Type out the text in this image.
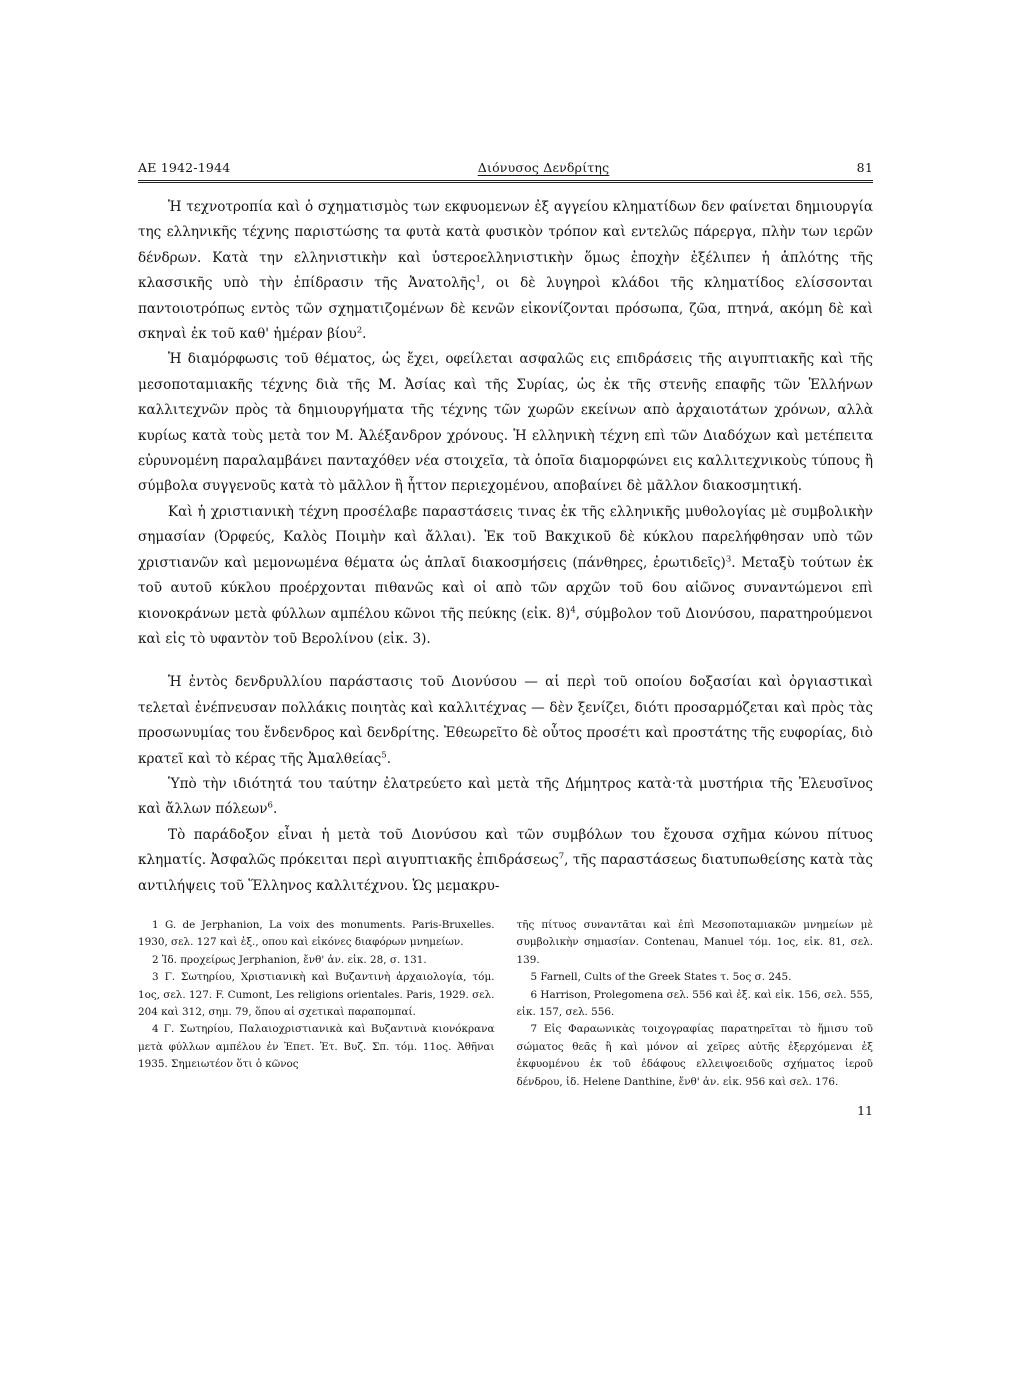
ΑΕ 1942-1944	Διόνυσος Δενδρίτης	81

Ἡ τεχνοτροπία καὶ ὁ σχηματισμὸς των εκφυομενων ἐξ αγγείου κληματίδων δεν φαίνεται δημιουργία της ελληνικῆς τέχνης παριστώσης τα φυτὰ κατὰ φυσικὸν τρόπον καὶ εντελῶς πάρεργα, πλὴν των ιερῶν δένδρων. Κατὰ την ελληνιστικὴν καὶ ὑστεροελληνιστικὴν ὅμως ἐποχὴν ἐξέλιπεν ἡ ἁπλότης τῆς κλασσικῆς υπὸ τὴν ἐπίδρασιν τῆς Ἀνατολῆς$^1$, οι δὲ λυγηροὶ κλάδοι τῆς κληματίδος ελίσσονται παντοιοτρόπως εντὸς τῶν σχηματιζομένων δὲ κενῶν εἰκονίζονται πρόσωπα, ζῶα, πτηνά, ακόμη δὲ καὶ σκηναὶ ἐκ τοῦ καθ' ἡμέραν βίου$^2$.

Ἡ διαμόρφωσις τοῦ θέματος, ὡς ἔχει, οφείλεται ασφαλῶς εις επιδράσεις τῆς αιγυπτιακῆς καὶ τῆς μεσοποταμιακῆς τέχνης διὰ τῆς Μ. Ἀσίας καὶ τῆς Συρίας, ὡς ἐκ τῆς στενῆς επαφῆς τῶν Ἑλλήνων καλλιτεχνῶν πρὸς τὰ δημιουργήματα τῆς τέχνης τῶν χωρῶν εκείνων απὸ ἀρχαιοτάτων χρόνων, αλλὰ κυρίως κατὰ τοὺς μετὰ τον Μ. Ἀλέξανδρον χρόνους. Ἡ ελληνικὴ τέχνη επὶ τῶν Διαδόχων καὶ μετέπειτα εὐρυνομένη παραλαμβάνει πανταχόθεν νέα στοιχεῖα, τὰ ὁποῖα διαμορφώνει εις καλλιτεχνικοὺς τύπους ἢ σύμβολα συγγενοῦς κατὰ τὸ μᾶλλον ἢ ἧττον περιεχομένου, αποβαίνει δὲ μᾶλλον διακοσμητική.

Καὶ ἡ χριστιανικὴ τέχνη προσέλαβε παραστάσεις τινας ἐκ τῆς ελληνικῆς μυθολογίας μὲ συμβολικὴν σημασίαν (Ὀρφεύς, Καλὸς Ποιμὴν καὶ ἄλλαι). Ἐκ τοῦ Βακχικοῦ δὲ κύκλου παρελήφθησαν υπὸ τῶν χριστιανῶν καὶ μεμονωμένα θέματα ὡς ἁπλαῖ διακοσμήσεις (πάνθηρες, ἐρωτιδεῖς)$^3$. Μεταξὺ τούτων ἐκ τοῦ αυτοῦ κύκλου προέρχονται πιθανῶς καὶ οἱ απὸ τῶν αρχῶν τοῦ 6ου αἰῶνος συναντώμενοι επὶ κιονοκράνων μετὰ φύλλων αμπέλου κῶνοι τῆς πεύκης (εἰκ. 8)$^4$, σύμβολον τοῦ Διονύσου, παρατηρούμενοι καὶ εἰς τὸ υφαντὸν τοῦ Βερολίνου (εἰκ. 3).

Ἡ ἐντὸς δενδρυλλίου παράστασις τοῦ Διονύσου — αἱ περὶ τοῦ οποίου δοξασίαι καὶ ὀργιαστικαὶ τελεταὶ ἐνέπνευσαν πολλάκις ποιητὰς καὶ καλλιτέχνας — δὲν ξενίζει, διότι προσαρμόζεται καὶ πρὸς τὰς προσωνυμίας του ἔνδενδρος καὶ δενδρίτης. Ἐθεωρεῖτο δὲ οὗτος προσέτι καὶ προστάτης τῆς ευφορίας, διὸ κρατεῖ καὶ τὸ κέρας τῆς Ἀμαλθείας$^5$.

Ὑπὸ τὴν ιδιότητά του ταύτην ἐλατρεύετο καὶ μετὰ τῆς Δήμητρος κατὰ·τὰ μυστήρια τῆς Ἐλευσῖνος καὶ ἄλλων πόλεων$^6$.

Τὸ παράδοξον εἶναι ἡ μετὰ τοῦ Διονύσου καὶ τῶν συμβόλων του ἔχουσα σχῆμα κώνου πίτυος κληματίς. Ἀσφαλῶς πρόκειται περὶ αιγυπτιακῆς ἐπιδράσεως$^7$, τῆς παραστάσεως διατυπωθείσης κατὰ τὰς αντιλήψεις τοῦ Ἕλληνος καλλιτέχνου. Ὡς μεμακρυ-

1 G. de Jerphanion, La voix des monuments. Paris-Bruxelles. 1930, σελ. 127 καὶ ἑξ., οπου καὶ εἰκόνες διαφόρων μνημείων.

2 Ἰδ. προχείρως Jerphanion, ἔνθ' ἀν. εἰκ. 28, σ. 131.

3 Γ. Σωτηρίου, Χριστιανικὴ καὶ Βυζαντινὴ ἀρχαιολογία, τόμ. 1ος, σελ. 127. F. Cumont, Les religions orientales. Paris, 1929. σελ. 204 καὶ 312, σημ. 79, ὅπου αἱ σχετικαὶ παραπομπαί.

4 Γ. Σωτηρίου, Παλαιοχριστιανικὰ καὶ Βυζαντινὰ κιονόκρανα μετὰ φύλλων αμπέλου ἐν Ἐπετ. Ἑτ. Βυζ. Σπ. τόμ. 11ος. Ἀθῆναι 1935. Σημειωτέον ὅτι ὁ κῶνος

τῆς πίτυος συναντᾶται καὶ ἐπὶ Μεσοποταμιακῶν μνημείων μὲ συμβολικὴν σημασίαν. Contenau, Manuel τόμ. 1ος, εἰκ. 81, σελ. 139.

5 Farnell, Cults of the Greek States τ. 5ος σ. 245.

6 Harrison, Prolegomena σελ. 556 καὶ ἑξ. καὶ εἰκ. 156, σελ. 555, εἰκ. 157, σελ. 556.

7 Εἰς Φαραωνικὰς τοιχογραφίας παρατηρεῖται τὸ ἥμισυ τοῦ σώματος θεᾶς ἢ καὶ μόνον αἱ χεῖρες αὐτῆς ἐξερχόμεναι ἐξ ἐκφυομένου ἐκ τοῦ ἐδάφους ελλειψοειδοῦς σχήματος ἱεροῦ δένδρου, ἰδ. Helene Danthine, ἔνθ' ἀν. εἰκ. 956 καὶ σελ. 176.

11
